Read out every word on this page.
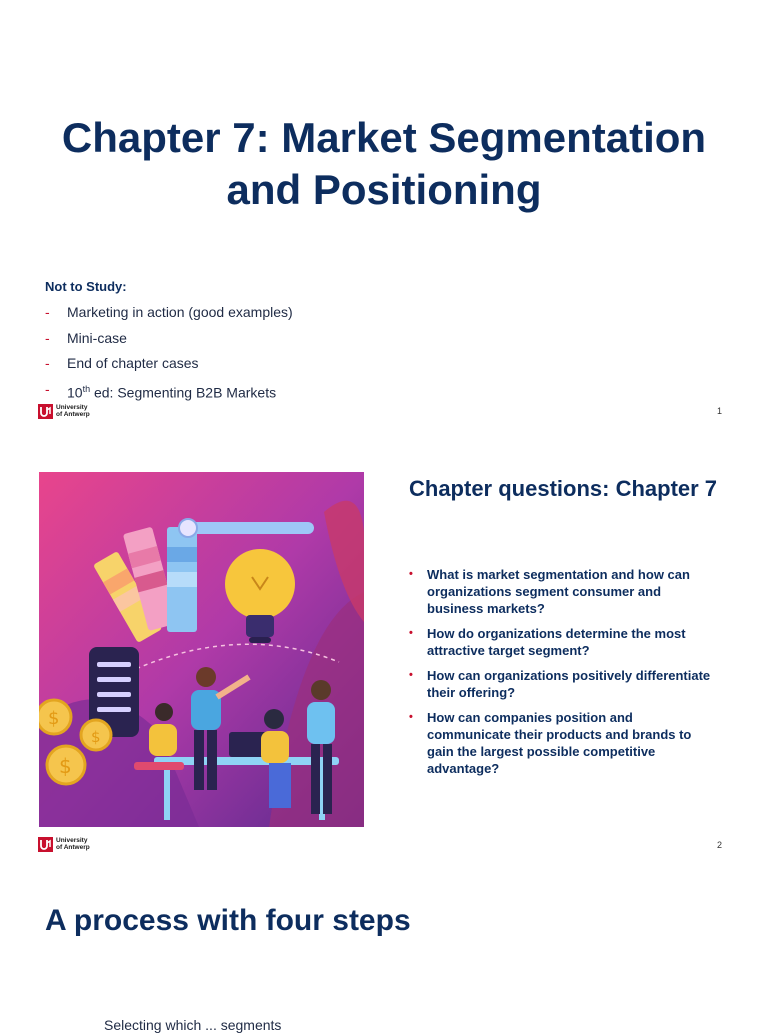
Chapter 7: Market Segmentation
and Positioning
Not to Study:
- Marketing in action (good examples)
- Mini-case
- End of chapter cases
- 10th ed: Segmenting B2B Markets
University
of Antwerp	1
$
$
$
Chapter questions: Chapter 7
• What is market segmentation and how can organizations segment consumer and business markets?
• How do organizations determine the most attractive target segment?
• How can organizations positively differentiate their offering?
• How can companies position and communicate their products and brands to gain the largest possible competitive advantage?
University
of Antwerp	2
A process with four steps
Selecting which ... segments
